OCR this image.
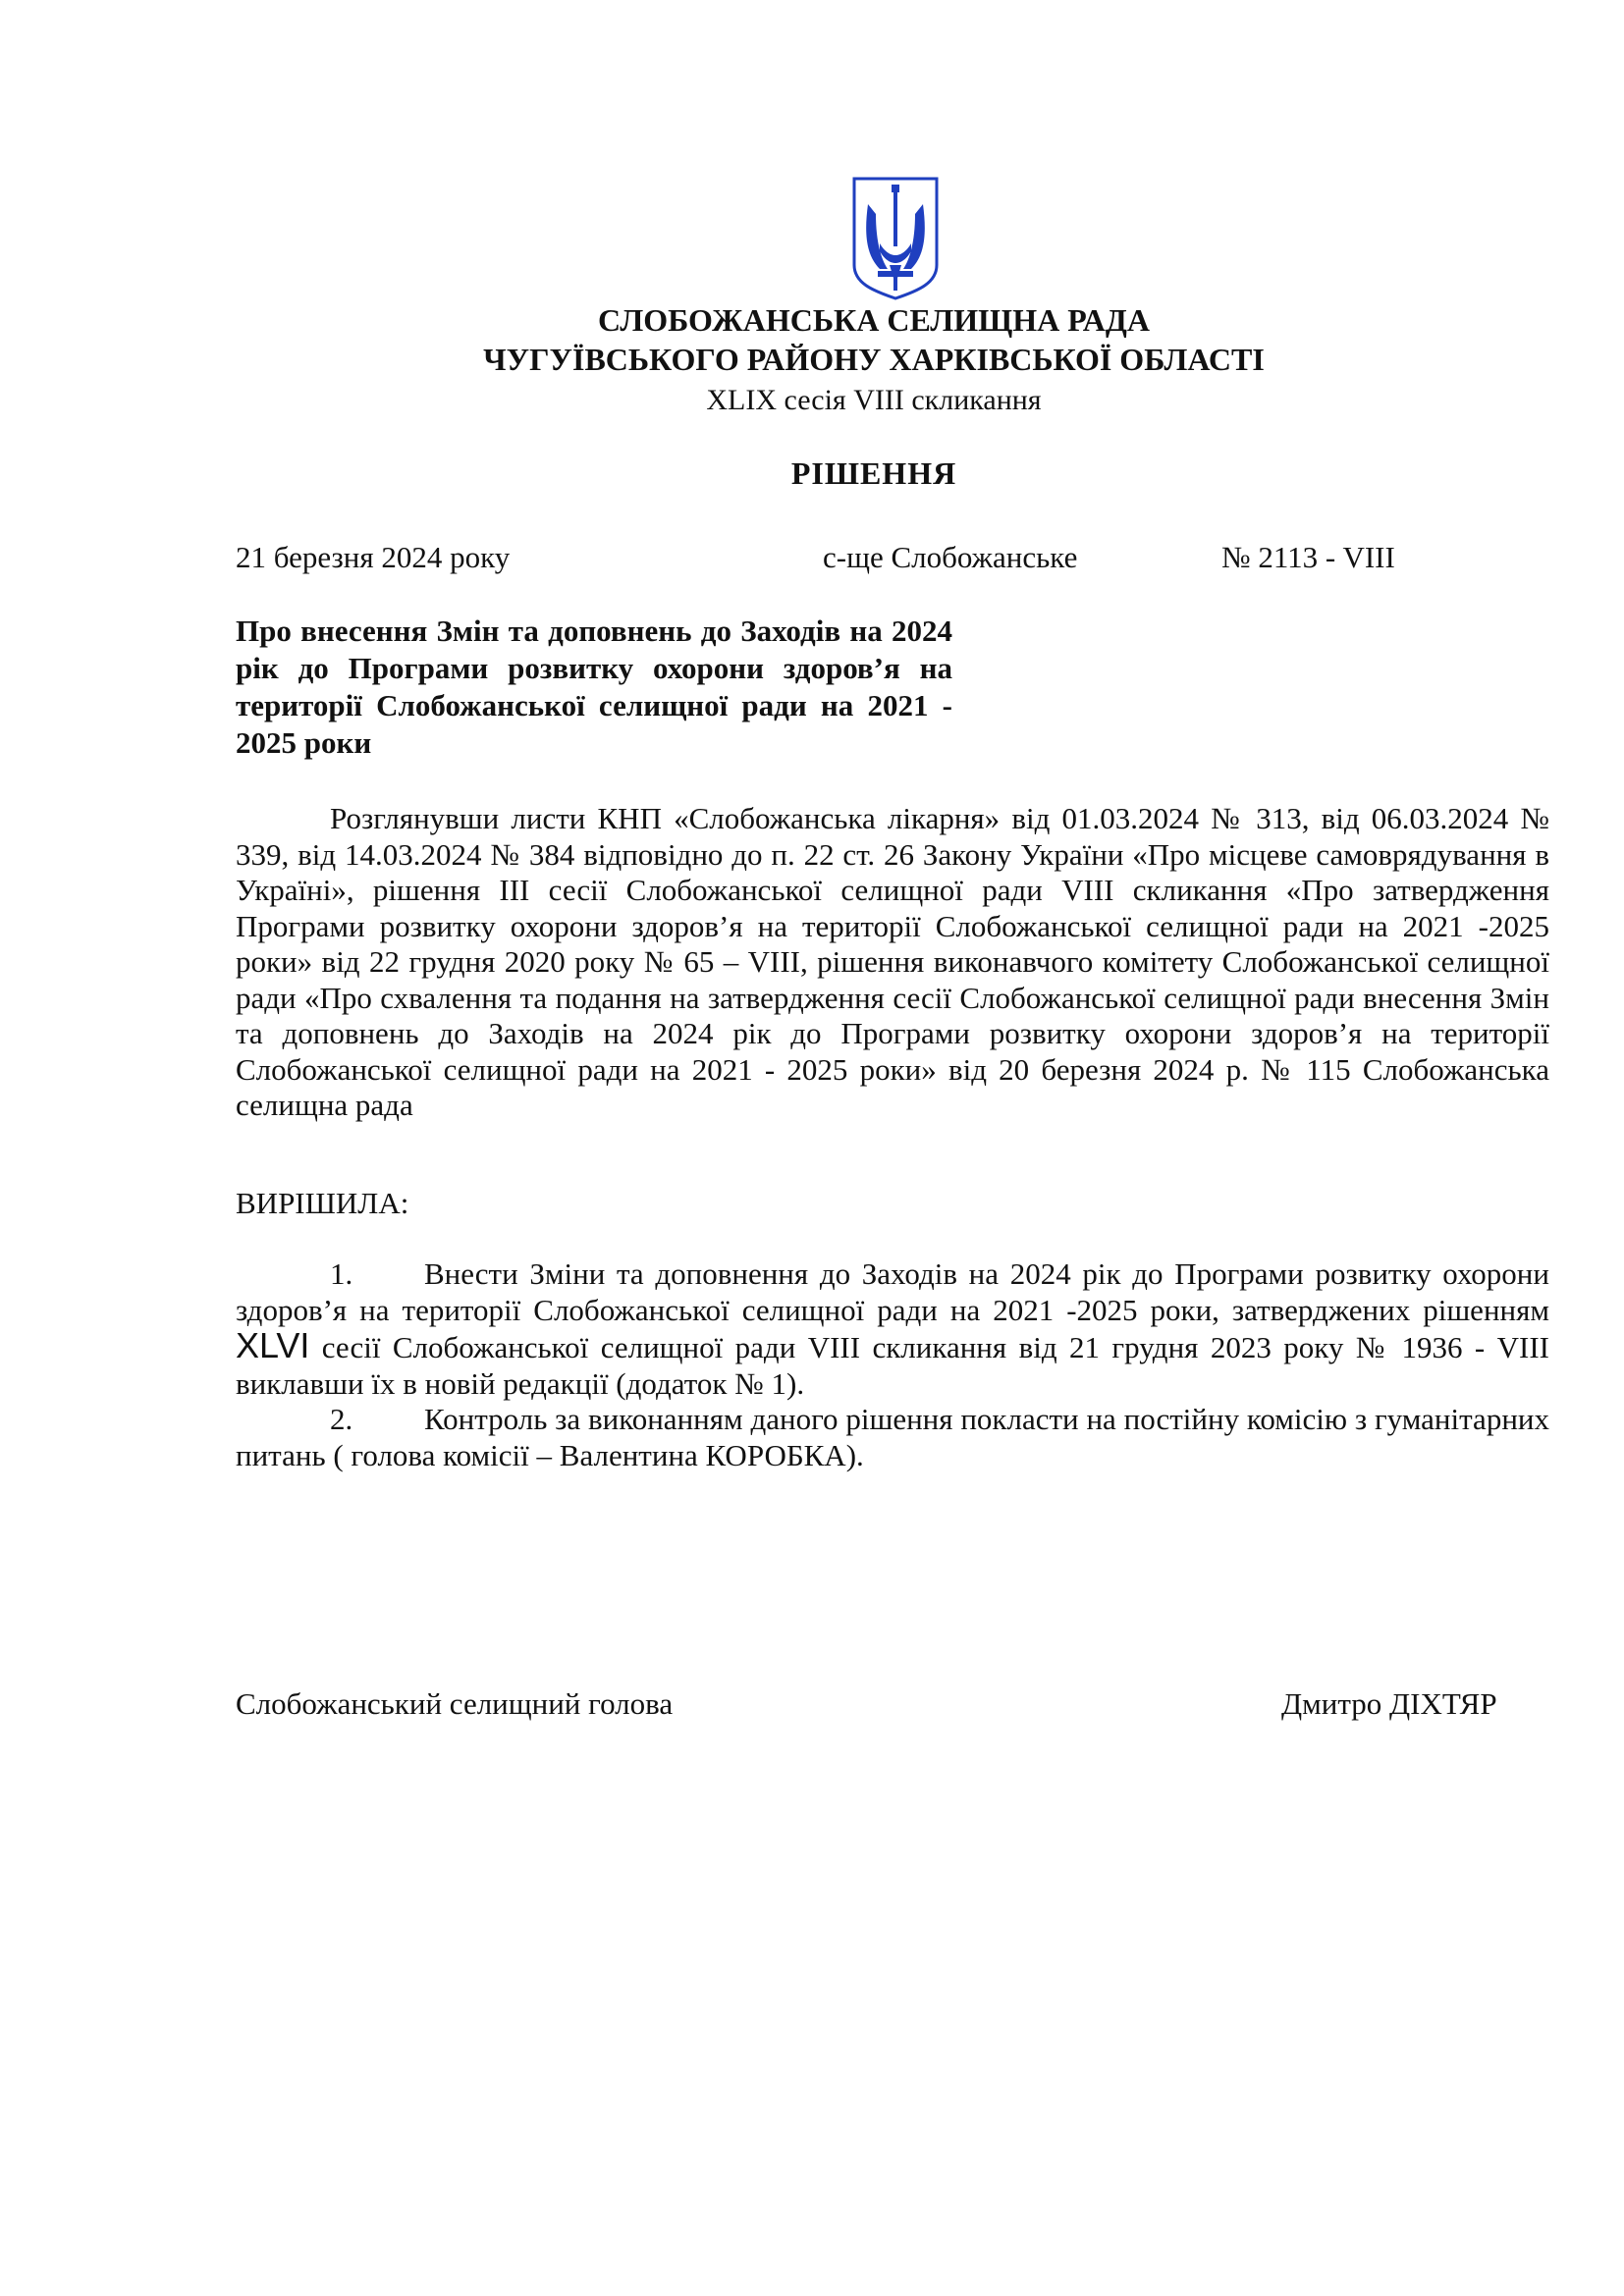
СЛОБОЖАНСЬКА СЕЛИЩНА РАДА
ЧУГУЇВСЬКОГО РАЙОНУ ХАРКІВСЬКОЇ ОБЛАСТІ
XLIX сесія VIII скликання
РІШЕННЯ
21 березня 2024 року	с-ще Слобожанське	№ 2113 - VIII
Про внесення Змін та доповнень до Заходів на 2024 рік до Програми розвитку охорони здоров’я на території Слобожанської селищної ради на 2021 - 2025 роки
Розглянувши листи КНП «Слобожанська лікарня» від 01.03.2024 № 313, від 06.03.2024 № 339, від 14.03.2024 № 384 відповідно до п. 22 ст. 26 Закону України «Про місцеве самоврядування в Україні», рішення III сесії Слобожанської селищної ради VIII скликання «Про затвердження Програми розвитку охорони здоров’я на території Слобожанської селищної ради на 2021 -2025 роки» від 22 грудня 2020 року № 65 – VIII, рішення виконавчого комітету Слобожанської селищної ради «Про схвалення та подання на затвердження сесії Слобожанської селищної ради внесення Змін та доповнень до Заходів на 2024 рік до Програми розвитку охорони здоров’я на території Слобожанської селищної ради на 2021 - 2025 роки» від 20 березня 2024 р. № 115 Слобожанська селищна рада
ВИРІШИЛА:

1. Внести Зміни та доповнення до Заходів на 2024 рік до Програми розвитку охорони здоров’я на території Слобожанської селищної ради на 2021 -2025 роки, затверджених рішенням XLVI сесії Слобожанської селищної ради VIII скликання від 21 грудня 2023 року № 1936 - VIII виклавши їх в новій редакції (додаток № 1).

2. Контроль за виконанням даного рішення покласти на постійну комісію з гуманітарних питань ( голова комісії – Валентина КОРОБКА).

Слобожанський селищний голова	Дмитро ДІХТЯР
